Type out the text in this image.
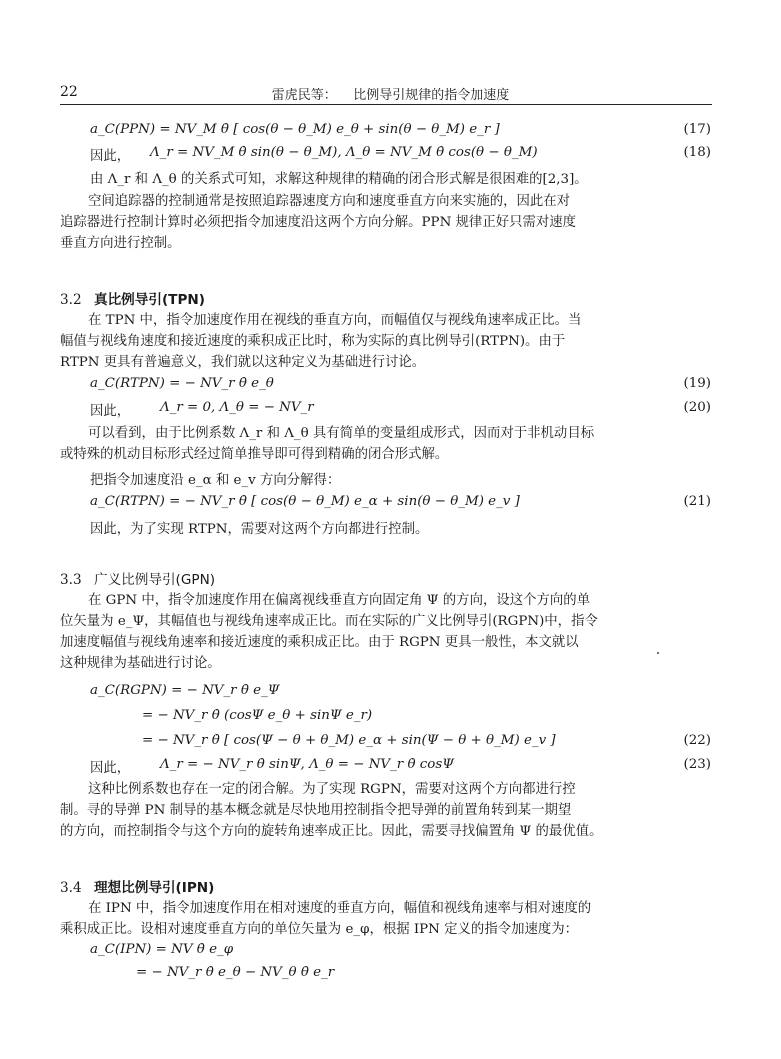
22	雷虎民等：    比例导引规律的指令加速度
a_C(PPN) = NV_M θ̇ [ cos(θ − θ_M) e_θ + sin(θ − θ_M) e_r ]	(17)
因此， Λ_r = NV_M θ̇ sin(θ − θ_M), Λ_θ = NV_M θ̇ cos(θ − θ_M)	(18)
由 Λ_r 和 Λ_θ 的关系式可知，求解这种规律的精确的闭合形式解是很困难的[2,3]。
空间追踪器的控制通常是按照追踪器速度方向和速度垂直方向来实施的，因此在对
追踪器进行控制计算时必须把指令加速度沿这两个方向分解。PPN 规律正好只需对速度
垂直方向进行控制。
3.2 真比例导引(TPN)
在 TPN 中，指令加速度作用在视线的垂直方向，而幅值仅与视线角速率成正比。当
幅值与视线角速度和接近速度的乘积成正比时，称为实际的真比例导引(RTPN)。由于
RTPN 更具有普遍意义，我们就以这种定义为基础进行讨论。
a_C(RTPN) = − NV_r θ̇ e_θ	(19)
因此， Λ_r = 0, Λ_θ = − NV_r	(20)
可以看到，由于比例系数 Λ_r 和 Λ_θ 具有简单的变量组成形式，因而对于非机动目标
或特殊的机动目标形式经过简单推导即可得到精确的闭合形式解。
把指令加速度沿 e_α 和 e_v 方向分解得：
a_C(RTPN) = − NV_r θ̇ [ cos(θ − θ_M) e_α + sin(θ − θ_M) e_v ]	(21)
因此，为了实现 RTPN，需要对这两个方向都进行控制。
3.3 广义比例导引(GPN)
在 GPN 中，指令加速度作用在偏离视线垂直方向固定角 Ψ 的方向，设这个方向的单
位矢量为 e_Ψ，其幅值也与视线角速率成正比。而在实际的广义比例导引(RGPN)中，指令
加速度幅值与视线角速率和接近速度的乘积成正比。由于 RGPN 更具一般性，本文就以
这种规律为基础进行讨论。
a_C(RGPN) = − NV_r θ̇ e_Ψ
= − NV_r θ̇ (cosΨ e_θ + sinΨ e_r)
= − NV_r θ̇ [ cos(Ψ − θ + θ_M) e_α + sin(Ψ − θ + θ_M) e_v ]	(22)
因此， Λ_r = − NV_r θ̇ sinΨ, Λ_θ = − NV_r θ̇ cosΨ	(23)
这种比例系数也存在一定的闭合解。为了实现 RGPN，需要对这两个方向都进行控
制。寻的导弹 PN 制导的基本概念就是尽快地用控制指令把导弹的前置角转到某一期望
的方向，而控制指令与这个方向的旋转角速率成正比。因此，需要寻找偏置角 Ψ 的最优值。
3.4 理想比例导引(IPN)
在 IPN 中，指令加速度作用在相对速度的垂直方向，幅值和视线角速率与相对速度的
乘积成正比。设相对速度垂直方向的单位矢量为 e_φ，根据 IPN 定义的指令加速度为：
a_C(IPN) = NV θ̇ e_φ
= − NV_r θ̇ e_θ − NV_θ θ̇ e_r
